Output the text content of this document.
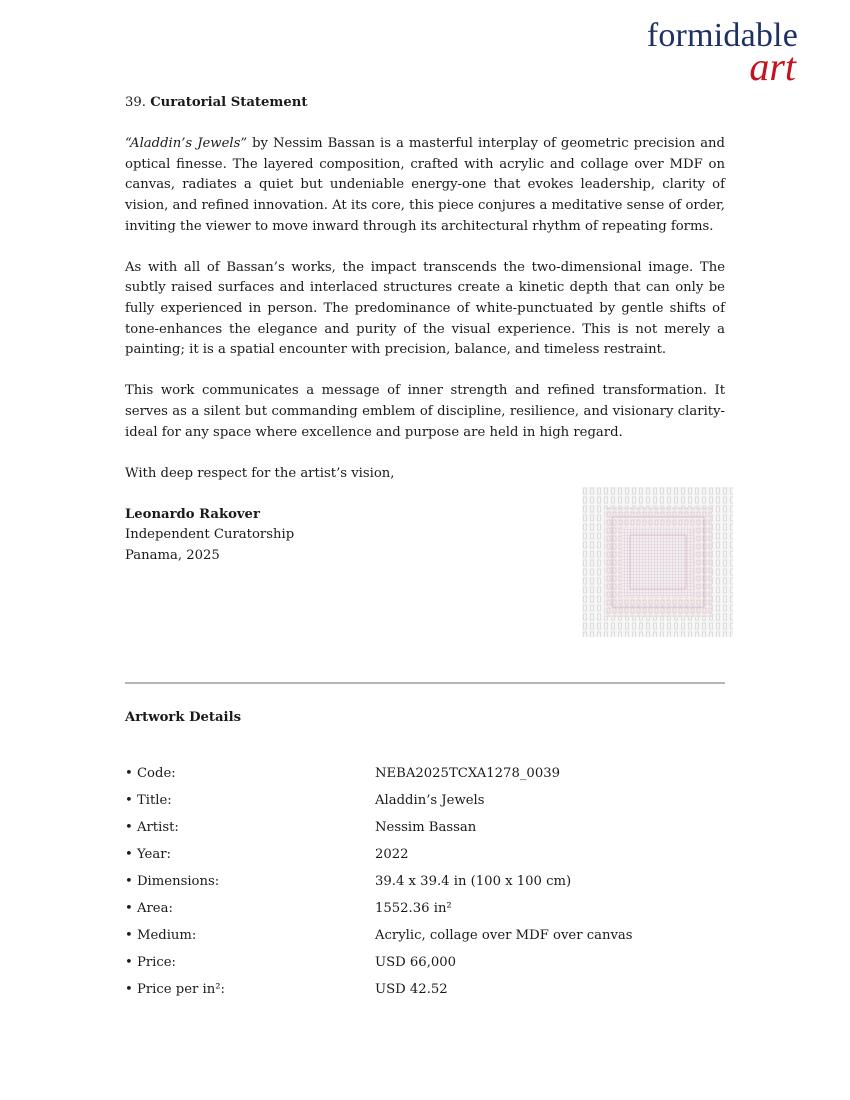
formidable
art

39. Curatorial Statement

“Aladdin’s Jewels” by Nessim Bassan is a masterful interplay of geometric precision and optical finesse. The layered composition, crafted with acrylic and collage over MDF on canvas, radiates a quiet but undeniable energy-one that evokes leadership, clarity of vision, and refined innovation. At its core, this piece conjures a meditative sense of order, inviting the viewer to move inward through its architectural rhythm of repeating forms.

As with all of Bassan’s works, the impact transcends the two-dimensional image. The subtly raised surfaces and interlaced structures create a kinetic depth that can only be fully experienced in person. The predominance of white-punctuated by gentle shifts of tone-enhances the elegance and purity of the visual experience. This is not merely a painting; it is a spatial encounter with precision, balance, and timeless restraint.

This work communicates a message of inner strength and refined transformation. It serves as a silent but commanding emblem of discipline, resilience, and visionary clarity-ideal for any space where excellence and purpose are held in high regard.

With deep respect for the artist’s vision,

Leonardo Rakover
Independent Curatorship
Panama, 2025

Artwork Details

• Code:	NEBA2025TCXA1278_0039
• Title:	Aladdin’s Jewels
• Artist:	Nessim Bassan
• Year:	2022
• Dimensions:	39.4 x 39.4 in (100 x 100 cm)
• Area:	1552.36 in²
• Medium:	Acrylic, collage over MDF over canvas
• Price:	USD 66,000
• Price per in²:	USD 42.52
